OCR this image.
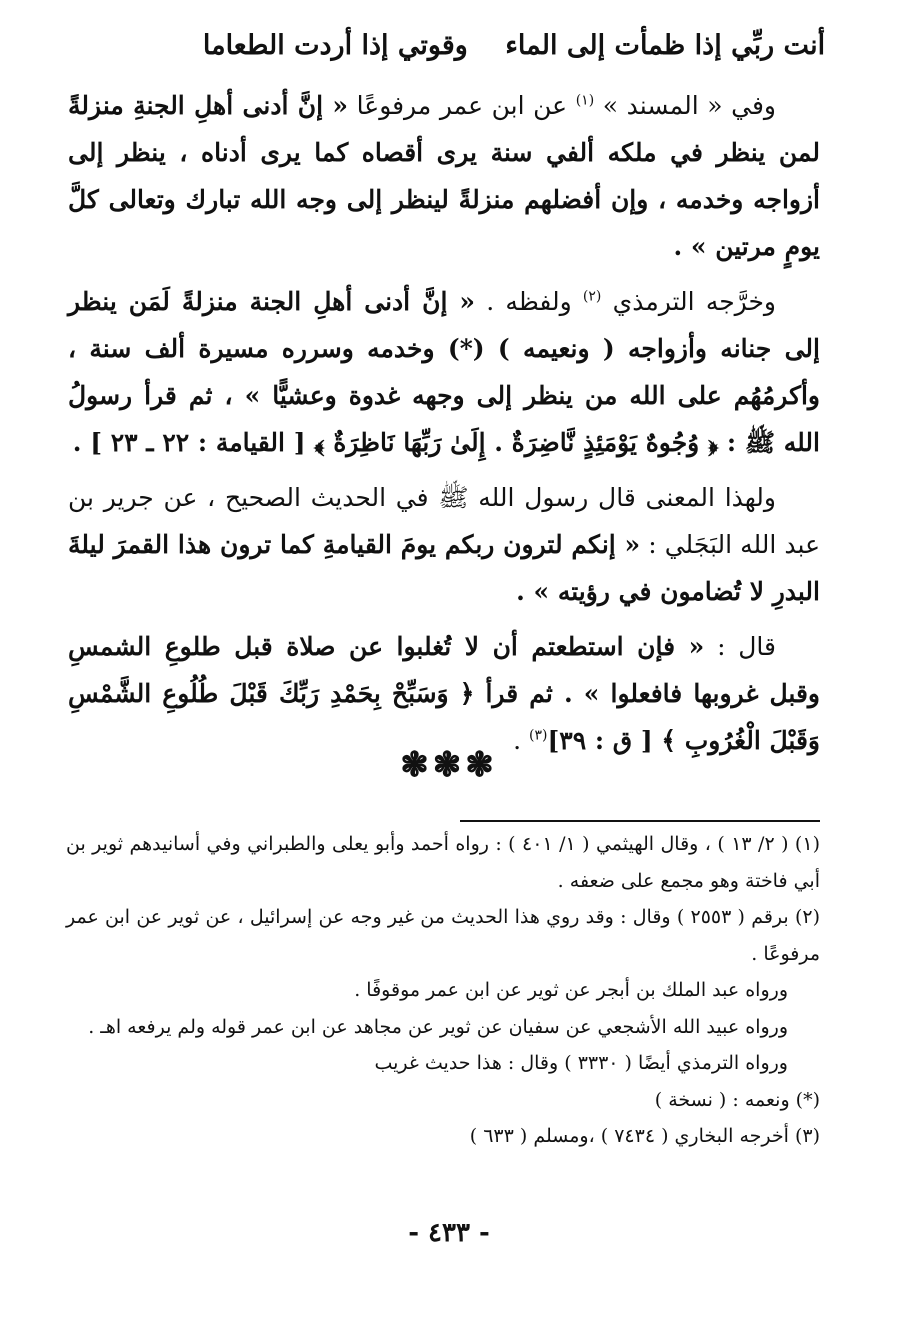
أنت ربِّي إذا ظمأت إلى الماء وقوتي إذا أردت الطعاما

وفي « المسند » $^{(١)}$ عن ابن عمر مرفوعًا « إنَّ أدنى أهلِ الجنةِ منزلةً لمن ينظر في ملكه ألفي سنة يرى أقصاه كما يرى أدناه ، ينظر إلى أزواجه وخدمه ، وإن أفضلهم منزلةً لينظر إلى وجه الله تبارك وتعالى كلَّ يومٍ مرتين » .

وخرَّجه الترمذي $^{(٢)}$ ولفظه . « إنَّ أدنى أهلِ الجنة منزلةً لَمَن ينظر إلى جنانه وأزواجه ( ونعيمه ) (*) وخدمه وسرره مسيرة ألف سنة ، وأكرمُهُم على الله من ينظر إلى وجهه غدوة وعشيًّا » ، ثم قرأ رسولُ الله ﷺ : ﴿ وُجُوهٌ يَوْمَئِذٍ نَّاضِرَةٌ . إِلَىٰ رَبِّهَا نَاظِرَةٌ ﴾ [ القيامة : ٢٢ ـ ٢٣ ] .

ولهذا المعنى قال رسول الله ﷺ في الحديث الصحيح ، عن جرير بن عبد الله البَجَلي : « إنكم لترون ربكم يومَ القيامةِ كما ترون هذا القمرَ ليلةَ البدرِ لا تُضامون في رؤيته » .

قال : « فإن استطعتم أن لا تُغلبوا عن صلاة قبل طلوعِ الشمسِ وقبل غروبها فافعلوا » . ثم قرأ ﴿ وَسَبِّحْ بِحَمْدِ رَبِّكَ قَبْلَ طُلُوعِ الشَّمْسِ وَقَبْلَ الْغُرُوبِ ﴾ [ ق : ٣٩]$^{(٣)}$ .

❃❃❃

(١) ( ٢/ ١٣ ) ، وقال الهيثمي ( ١/ ٤٠١ ) : رواه أحمد وأبو يعلى والطبراني وفي أسانيدهم ثوير بن أبي فاختة وهو مجمع على ضعفه .

(٢) برقم ( ٢٥٥٣ ) وقال : وقد روي هذا الحديث من غير وجه عن إسرائيل ، عن ثوير عن ابن عمر مرفوعًا .

ورواه عبد الملك بن أبجر عن ثوير عن ابن عمر موقوفًا .

ورواه عبيد الله الأشجعي عن سفيان عن ثوير عن مجاهد عن ابن عمر قوله ولم يرفعه اهـ .

ورواه الترمذي أيضًا ( ٣٣٣٠ ) وقال : هذا حديث غريب

(*) ونعمه : ( نسخة )

(٣) أخرجه البخاري ( ٧٤٣٤ ) ،ومسلم ( ٦٣٣ )

- ٤٣٣ -
